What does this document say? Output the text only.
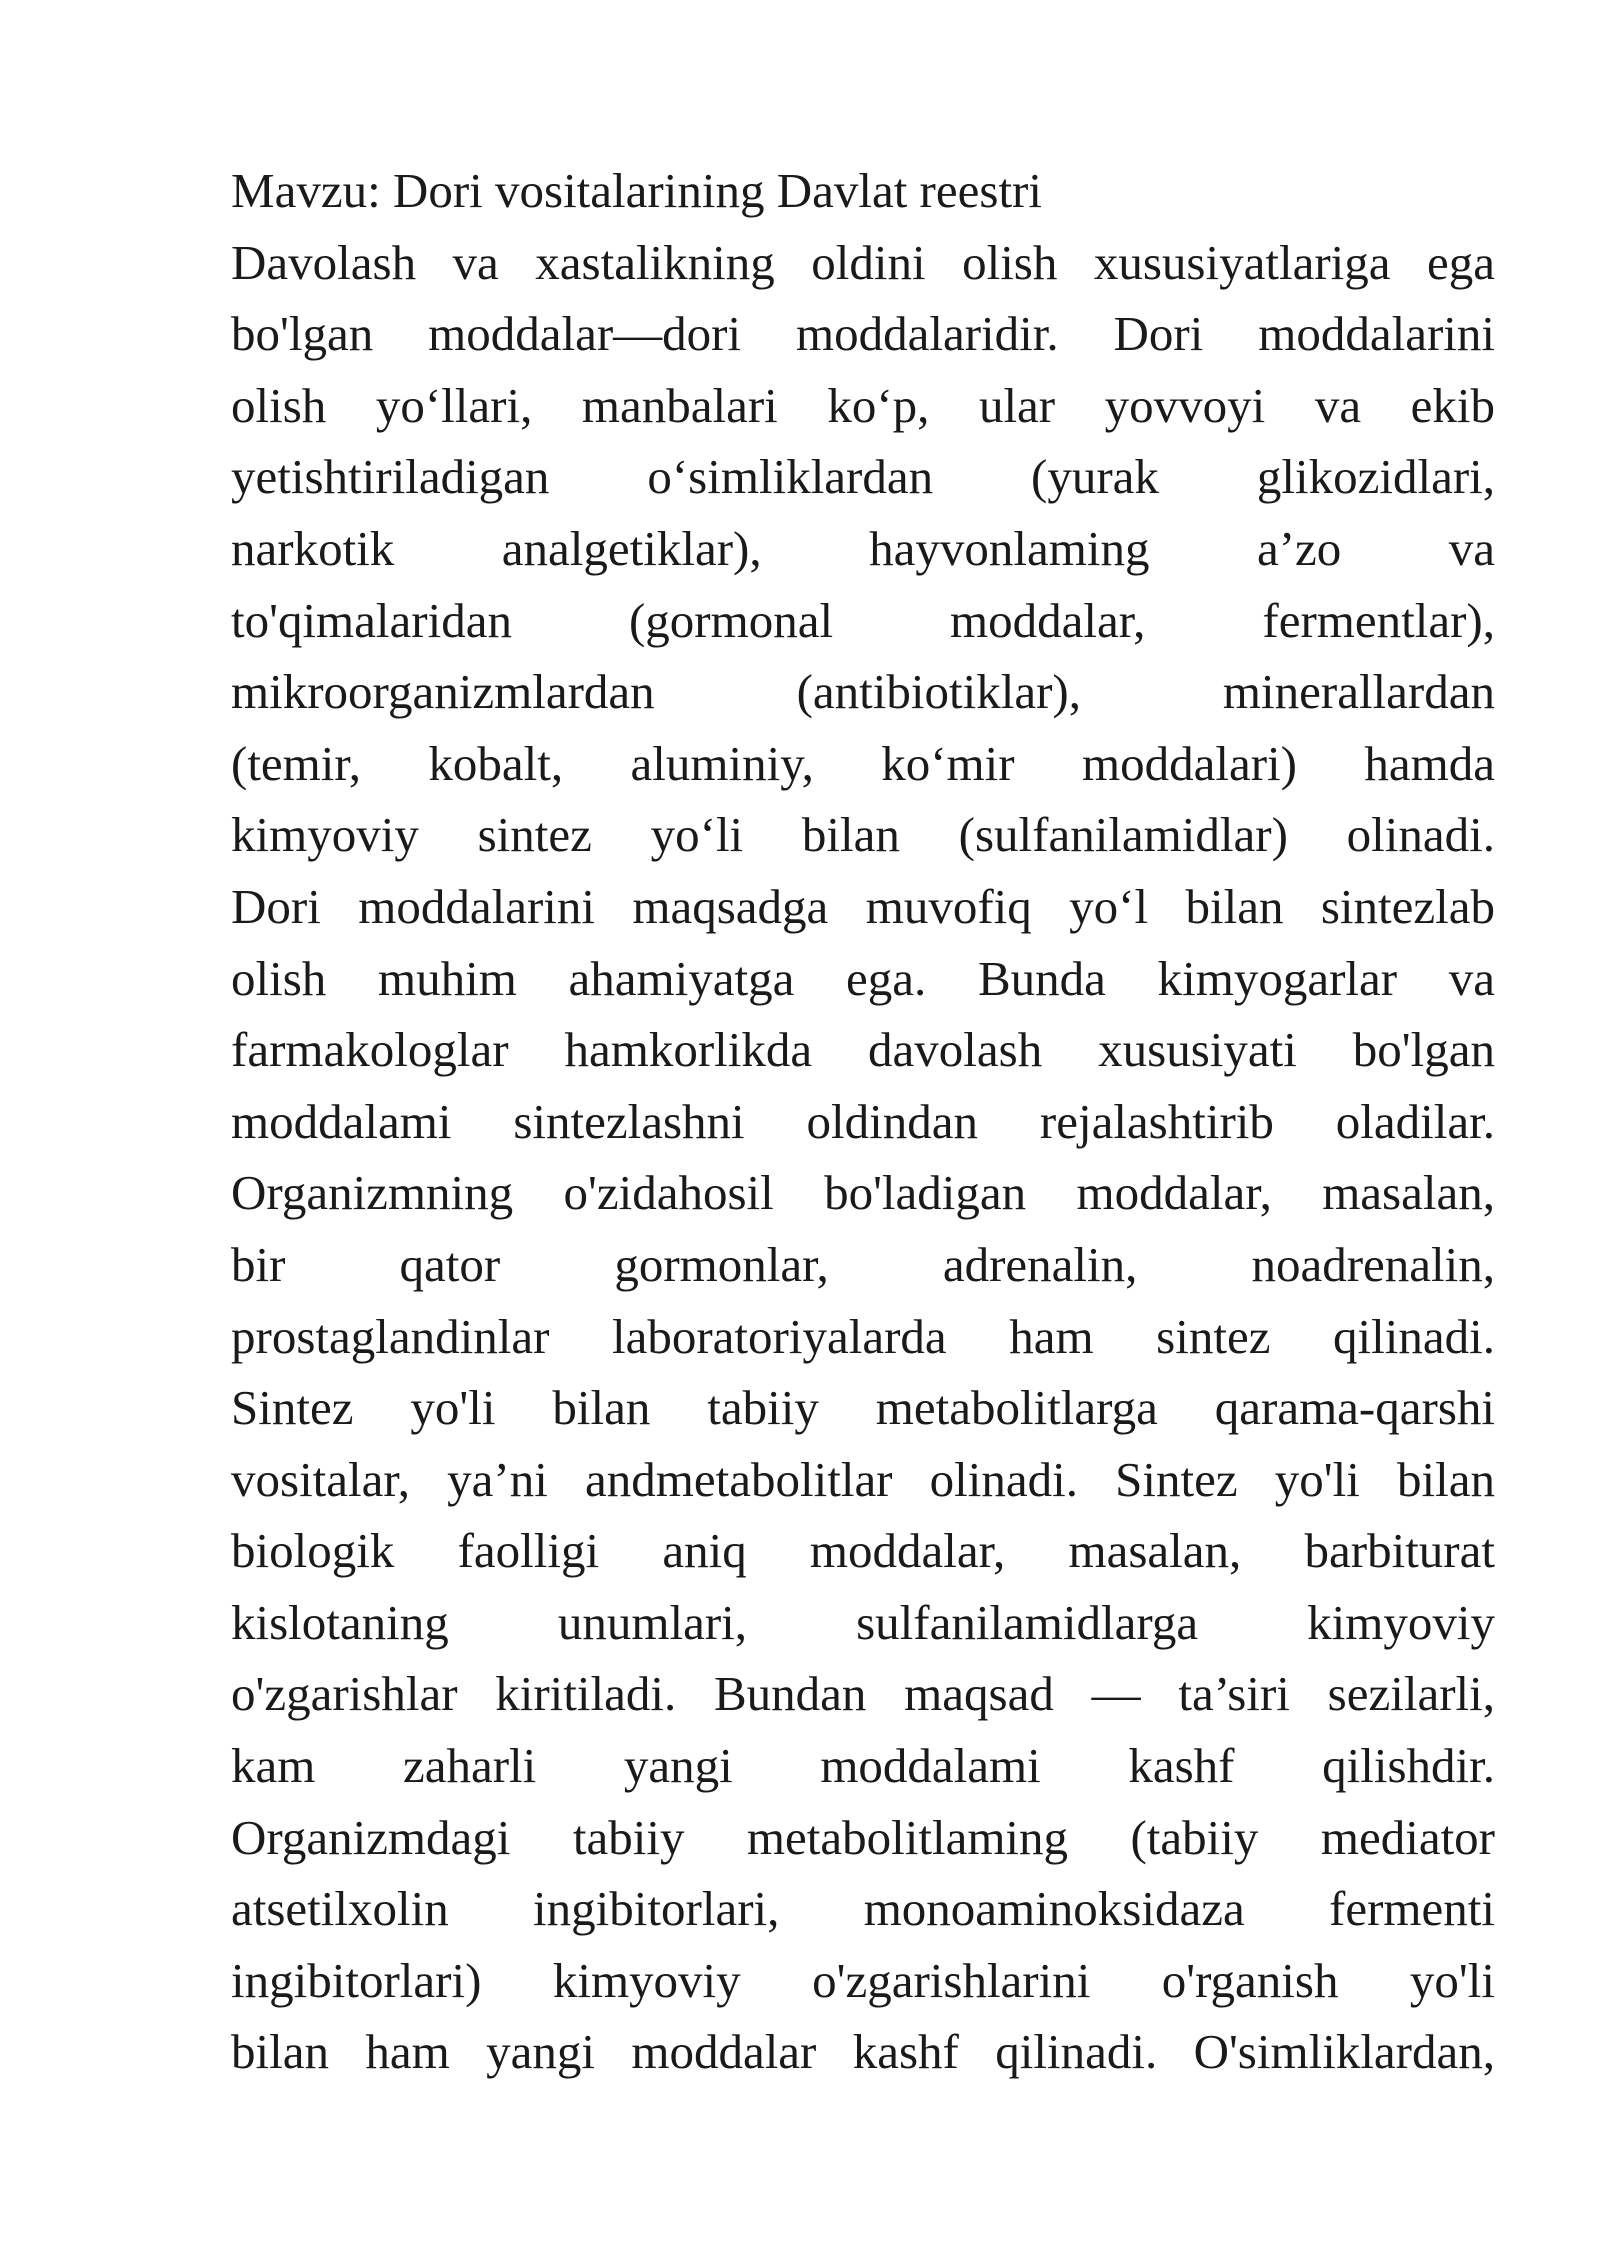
Mavzu: Dori vositalarining Davlat reestri
Davolash va xastalikning oldini olish xususiyatlariga ega
bo'lgan moddalar—dori moddalaridir. Dori moddalarini
olish yo‘llari, manbalari ko‘p, ular yovvoyi va ekib
yetishtiriladigan o‘simliklardan (yurak glikozidlari,
narkotik analgetiklar), hayvonlaming a’zo va
to'qimalaridan (gormonal moddalar, fermentlar),
mikroorganizmlardan (antibiotiklar), minerallardan
(temir, kobalt, aluminiy, ko‘mir moddalari) hamda
kimyoviy sintez yo‘li bilan (sulfanilamidlar) olinadi.
Dori moddalarini maqsadga muvofiq yo‘l bilan sintezlab
olish muhim ahamiyatga ega. Bunda kimyogarlar va
farmakologlar hamkorlikda davolash xususiyati bo'lgan
moddalami sintezlashni oldindan rejalashtirib oladilar.
Organizmning o'zidahosil bo'ladigan moddalar, masalan,
bir qator gormonlar, adrenalin, noadrenalin,
prostaglandinlar laboratoriyalarda ham sintez qilinadi.
Sintez yo'li bilan tabiiy metabolitlarga qarama-qarshi
vositalar, ya’ni andmetabolitlar olinadi. Sintez yo'li bilan
biologik faolligi aniq moddalar, masalan, barbiturat
kislotaning unumlari, sulfanilamidlarga kimyoviy
o'zgarishlar kiritiladi. Bundan maqsad — ta’siri sezilarli,
kam zaharli yangi moddalami kashf qilishdir.
Organizmdagi tabiiy metabolitlaming (tabiiy mediator
atsetilxolin ingibitorlari, monoaminoksidaza fermenti
ingibitorlari) kimyoviy o'zgarishlarini o'rganish yo'li
bilan ham yangi moddalar kashf qilinadi. O'simliklardan,
